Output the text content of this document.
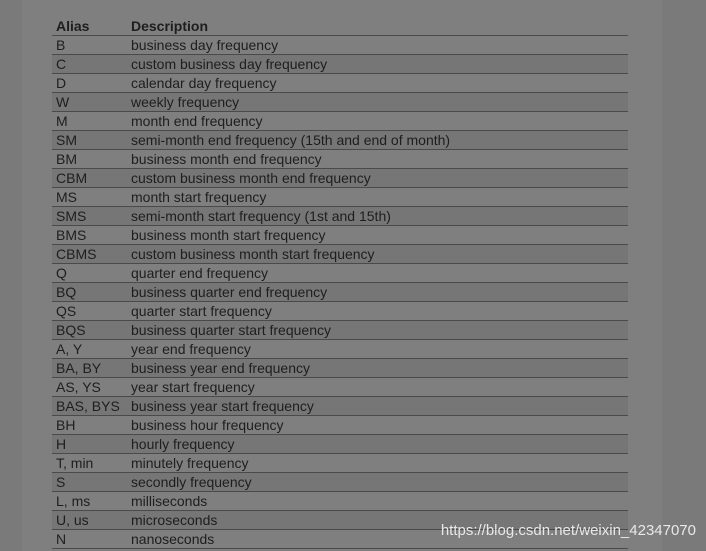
Alias	Description
B	business day frequency
C	custom business day frequency
D	calendar day frequency
W	weekly frequency
M	month end frequency
SM	semi-month end frequency (15th and end of month)
BM	business month end frequency
CBM	custom business month end frequency
MS	month start frequency
SMS	semi-month start frequency (1st and 15th)
BMS	business month start frequency
CBMS	custom business month start frequency
Q	quarter end frequency
BQ	business quarter end frequency
QS	quarter start frequency
BQS	business quarter start frequency
A, Y	year end frequency
BA, BY	business year end frequency
AS, YS	year start frequency
BAS, BYS	business year start frequency
BH	business hour frequency
H	hourly frequency
T, min	minutely frequency
S	secondly frequency
L, ms	milliseconds
U, us	microseconds
N	nanoseconds	https://blog.csdn.net/weixin_42347070
